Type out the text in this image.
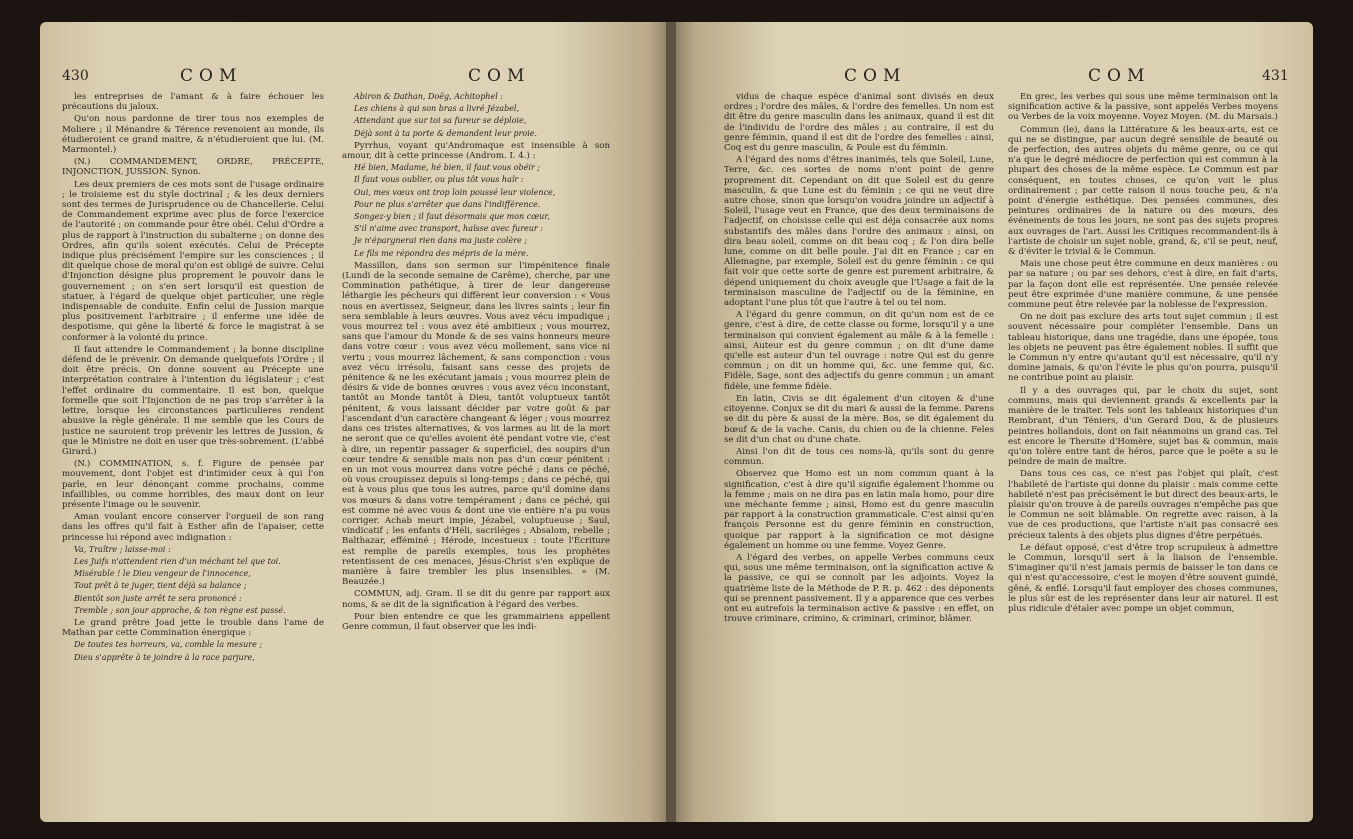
430	COM	COM

les entreprises de l'amant & à faire échouer les précautions du jaloux.

Qu'on nous pardonne de tirer tous nos exemples de Moliere ; il Ménandre & Térence revenoient au monde, ils étudieroient ce grand maitre, & n'étudieroient que lui. (M. Marmontel.)

(N.) COMMANDEMENT, ORDRE, PRÉCEPTE, INJONCTION, JUSSION. Synon.

Les deux premiers de ces mots sont de l'usage ordinaire ; le troisieme est du style doctrinal ; & les deux derniers sont des termes de Jurisprudence ou de Chancellerie. Celui de Commandement exprime avec plus de force l'exercice de l'autorité ; on commande pour être obéi. Celui d'Ordre a plus de rapport à l'instruction du subalterne ; on donne des Ordres, afin qu'ils soient exécutés. Celui de Précepte indique plus précisément l'empire sur les consciences ; il dit quelque chose de moral qu'on est obligé de suivre. Celui d'Injonction désigne plus proprement le pouvoir dans le gouvernement ; on s'en sert lorsqu'il est question de statuer, à l'égard de quelque objet particulier, une règle indispensable de conduite. Enfin celui de Jussion marque plus positivement l'arbitraire ; il enferme une idée de despotisme, qui gêne la liberté & force le magistrat à se conformer à la volonté du prince.

Il faut attendre le Commandement ; la bonne discipline défend de le prévenir. On demande quelquefois l'Ordre ; il doit être précis. On donne souvent au Précepte une interprétation contraire à l'intention du législateur ; c'est l'effet ordinaire du commentaire. Il est bon, quelque formelle que soit l'Injonction de ne pas trop s'arrêter à la lettre, lorsque les circonstances particulieres rendent abusive la règle générale. Il me semble que les Cours de justice ne sauroient trop prévenir les lettres de Jussion, & que le Ministre ne doit en user que très-sobrement. (L'abbé Girard.)

(N.) COMMINATION, s. f. Figure de pensée par mouvement, dont l'objet est d'intimider ceux à qui l'on parle, en leur dénonçant comme prochains, comme infaillibles, ou comme horribles, des maux dont on leur présente l'image ou le souvenir.

Aman voulant encore conserver l'orgueil de son rang dans les offres qu'il fait à Esther afin de l'apaiser, cette princesse lui répond avec indignation :

Va, Traître ; laisse-moi :

Les Juifs n'attendent rien d'un méchant tel que toi.

Misérable ! le Dieu vengeur de l'innocence,

Tout prêt à te juger, tient déjà sa balance ;

Bientôt son juste arrêt te sera prononcé :

Tremble ; son jour approche, & ton règne est passé.

Le grand prêtre Joad jette le trouble dans l'ame de Mathan par cette Commination énergique :

De toutes tes horreurs, va, comble la mesure ;

Dieu s'apprête à te joindre à la race parjure,

Abiron & Dathan, Doëg, Achitophel :

Les chiens à qui son bras a livré Jézabel,

Attendant que sur toi sa fureur se déploie,

Déjà sont à ta porte & demandent leur proie.

Pyrrhus, voyant qu'Andromaque est insensible à son amour, dit à cette princesse (Androm. I. 4.) :

Hé bien, Madame, hé bien, il faut vous obéir ;

Il faut vous oublier, ou plus tôt vous haïr :

Oui, mes vœux ont trop loin poussé leur violence,

Pour ne plus s'arrêter que dans l'indifférence.

Songez-y bien ; il faut désormais que mon cœur,

S'il n'aime avec transport, haïsse avec fureur :

Je n'épargnerai rien dans ma juste colère ;

Le fils me répondra des mépris de la mère.

Massillon, dans son sermon sur l'impénitence finale (Lundi de la seconde semaine de Carême), cherche, par une Commination pathétique, à tirer de leur dangereuse léthargie les pécheurs qui diffèrent leur conversion : « Vous nous en avertissez, Seigneur, dans les livres saints ; leur fin sera semblable à leurs œuvres. Vous avez vécu impudique ; vous mourrez tel : vous avez été ambitieux ; vous mourrez, sans que l'amour du Monde & de ses vains honneurs meure dans votre cœur : vous avez vécu mollement, sans vice ni vertu ; vous mourrez lâchement, & sans componction : vous avez vécu irrésolu, faisant sans cesse des projets de pénitence & ne les exécutant jamais ; vous mourrez plein de désirs & vide de bonnes œuvres : vous avez vécu inconstant, tantôt au Monde tantôt à Dieu, tantôt voluptueux tantôt pénitent, & vous laissant décider par votre goût & par l'ascendant d'un caractère changeant & léger ; vous mourrez dans ces tristes alternatives, & vos larmes au lit de la mort ne seront que ce qu'elles avoient été pendant votre vie, c'est à dire, un repentir passager & superficiel, des soupirs d'un cœur tendre & sensible mais non pas d'un cœur pénitent : en un mot vous mourrez dans votre péché ; dans ce péché, où vous croupissez depuis si long-temps ; dans ce péché, qui est à vous plus que tous les autres, parce qu'il domine dans vos mœurs & dans votre tempérament ; dans ce péché, qui est comme né avec vous & dont une vie entière n'a pu vous corriger. Achab meurt impie, Jézabel, voluptueuse ; Saul, vindicatif ; les enfants d'Héli, sacriléges ; Absalom, rebelle ; Balthazar, efféminé ; Hérode, incestueux : toute l'Écriture est remplie de pareils exemples, tous les prophètes retentissent de ces menaces, Jésus-Christ s'en explique de manière à faire trembler les plus insensibles. » (M. Beauzée.)

COMMUN, adj. Gram. Il se dit du genre par rapport aux noms, & se dit de la signification à l'égard des verbes.

Pour bien entendre ce que les grammairiens appellent Genre commun, il faut observer que les indi-

COM	COM	431

vidus de chaque espèce d'animal sont divisés en deux ordres ; l'ordre des mâles, & l'ordre des femelles. Un nom est dit être du genre masculin dans les animaux, quand il est dit de l'individu de l'ordre des mâles ; au contraire, il est du genre féminin, quand il est dit de l'ordre des femelles : ainsi, Coq est du genre masculin, & Poule est du féminin.

A l'égard des noms d'êtres inanimés, tels que Soleil, Lune, Terre, &c. ces sortes de noms n'ont point de genre proprement dit. Cependant on dit que Soleil est du genre masculin, & que Lune est du féminin ; ce qui ne veut dire autre chose, sinon que lorsqu'on voudra joindre un adjectif à Soleil, l'usage veut en France, que des deux terminaisons de l'adjectif, on choisisse celle qui est déja consacrée aux noms substantifs des mâles dans l'ordre des animaux : ainsi, on dira beau soleil, comme on dit beau coq ; & l'on dira belle lune, comme on dit belle poule. J'ai dit en France ; car en Allemagne, par exemple, Soleil est du genre féminin : ce qui fait voir que cette sorte de genre est purement arbitraire, & dépend uniquement du choix aveugle que l'Usage a fait de la terminaison masculine de l'adjectif ou de la féminine, en adoptant l'une plus tôt que l'autre à tel ou tel nom.

A l'égard du genre commun, on dit qu'un nom est de ce genre, c'est à dire, de cette classe ou forme, lorsqu'il y a une terminaison qui convient également au mâle & à la femelle : ainsi, Auteur est du genre commun ; on dit d'une dame qu'elle est auteur d'un tel ouvrage : notre Qui est du genre commun ; on dit un homme qui, &c. une femme qui, &c. Fidèle, Sage, sont des adjectifs du genre commun ; un amant fidèle, une femme fidèle.

En latin, Civis se dit également d'un citoyen & d'une citoyenne. Conjux se dit du mari & aussi de la femme. Parens se dit du père & aussi de la mère. Bos, se dit également du bœuf & de la vache. Canis, du chien ou de la chienne. Feles se dit d'un chat ou d'une chate.

Ainsi l'on dit de tous ces noms-là, qu'ils sont du genre commun.

Observez que Homo est un nom commun quant à la signification, c'est à dire qu'il signifie également l'homme ou la femme ; mais on ne dira pas en latin mala homo, pour dire une méchante femme ; ainsi, Homo est du genre masculin par rapport à la construction grammaticale. C'est ainsi qu'en françois Personne est du genre féminin en construction, quoique par rapport à la signification ce mot désigne également un homme ou une femme. Voyez Genre.

A l'égard des verbes, on appelle Verbes communs ceux qui, sous une même terminaison, ont la signification active & la passive, ce qui se connoît par les adjoints. Voyez la quatrième liste de la Méthode de P. R. p. 462 : des déponents qui se prennent passivement. Il y a apparence que ces verbes ont eu autrefois la terminaison active & passive : en effet, on trouve criminare, crimino, & criminari, criminor, blâmer.

En grec, les verbes qui sous une même terminaison ont la signification active & la passive, sont appelés Verbes moyens ou Verbes de la voix moyenne. Voyez Moyen. (M. du Marsais.)

Commun (le), dans la Littérature & les beaux-arts, est ce qui ne se distingue, par aucun degré sensible de beauté ou de perfection, des autres objets du même genre, ou ce qui n'a que le degré médiocre de perfection qui est commun à la plupart des choses de la même espèce. Le Commun est par conséquent, en toutes choses, ce qu'on voit le plus ordinairement ; par cette raison il nous touche peu, & n'a point d'énergie esthétique. Des pensées communes, des peintures ordinaires de la nature ou des mœurs, des événements de tous les jours, ne sont pas des sujets propres aux ouvrages de l'art. Aussi les Critiques recommandent-ils à l'artiste de choisir un sujet noble, grand, &, s'il se peut, neuf, & d'éviter le trivial & le Commun.

Mais une chose peut être commune en deux manières : ou par sa nature ; ou par ses dehors, c'est à dire, en fait d'arts, par la façon dont elle est représentée. Une pensée relevée peut être exprimée d'une manière commune, & une pensée commune peut être relevée par la noblesse de l'expression.

On ne doit pas exclure des arts tout sujet commun ; il est souvent nécessaire pour compléter l'ensemble. Dans un tableau historique, dans une tragédie, dans une épopée, tous les objets ne peuvent pas être également nobles. Il suffit que le Commun n'y entre qu'autant qu'il est nécessaire, qu'il n'y domine jamais, & qu'on l'évite le plus qu'on pourra, puisqu'il ne contribue point au plaisir.

Il y a des ouvrages qui, par le choix du sujet, sont communs, mais qui deviennent grands & excellents par la manière de le traiter. Tels sont les tableaux historiques d'un Rembrant, d'un Téniers, d'un Gerard Dou, & de plusieurs peintres hollandois, dont on fait néanmoins un grand cas. Tel est encore le Thersite d'Homère, sujet bas & commun, mais qu'on tolère entre tant de héros, parce que le poëte a su le peindre de main de maître.

Dans tous ces cas, ce n'est pas l'objet qui plaît, c'est l'habileté de l'artiste qui donne du plaisir : mais comme cette habileté n'est pas précisément le but direct des beaux-arts, le plaisir qu'on trouve à de pareils ouvrages n'empêche pas que le Commun ne soit blâmable. On regrette avec raison, à la vue de ces productions, que l'artiste n'ait pas consacré ses précieux talents à des objets plus dignes d'être perpétués.

Le défaut opposé, c'est d'être trop scrupuleux à admettre le Commun, lorsqu'il sert à la liaison de l'ensemble. S'imaginer qu'il n'est jamais permis de baisser le ton dans ce qui n'est qu'accessoire, c'est le moyen d'être souvent guindé, gêné, & enflé. Lorsqu'il faut employer des choses communes, le plus sûr est de les représenter dans leur air naturel. Il est plus ridicule d'étaler avec pompe un objet commun,
